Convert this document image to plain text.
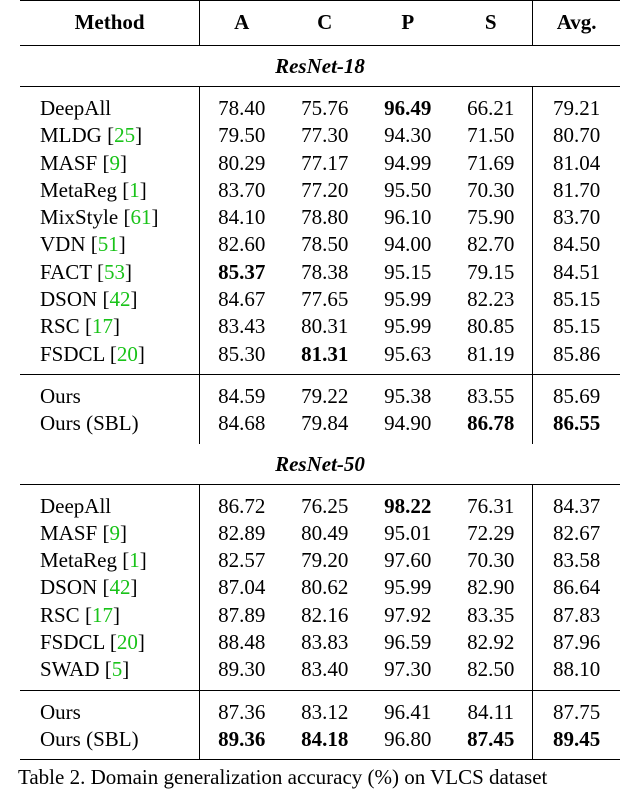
Method	A	C	P	S	Avg.
ResNet-18					
DeepAll	78.40	75.76	96.49	66.21	79.21
MLDG [25]	79.50	77.30	94.30	71.50	80.70
MASF [9]	80.29	77.17	94.99	71.69	81.04
MetaReg [1]	83.70	77.20	95.50	70.30	81.70
MixStyle [61]	84.10	78.80	96.10	75.90	83.70
VDN [51]	82.60	78.50	94.00	82.70	84.50
FACT [53]	85.37	78.38	95.15	79.15	84.51
DSON [42]	84.67	77.65	95.99	82.23	85.15
RSC [17]	83.43	80.31	95.99	80.85	85.15
FSDCL [20]	85.30	81.31	95.63	81.19	85.86
Ours	84.59	79.22	95.38	83.55	85.69
Ours (SBL)	84.68	79.84	94.90	86.78	86.55
ResNet-50					
DeepAll	86.72	76.25	98.22	76.31	84.37
MASF [9]	82.89	80.49	95.01	72.29	82.67
MetaReg [1]	82.57	79.20	97.60	70.30	83.58
DSON [42]	87.04	80.62	95.99	82.90	86.64
RSC [17]	87.89	82.16	97.92	83.35	87.83
FSDCL [20]	88.48	83.83	96.59	82.92	87.96
SWAD [5]	89.30	83.40	97.30	82.50	88.10
Ours	87.36	83.12	96.41	84.11	87.75
Ours (SBL)	89.36	84.18	96.80	87.45	89.45
Table 2. Domain generalization accuracy (%) on VLCS dataset
